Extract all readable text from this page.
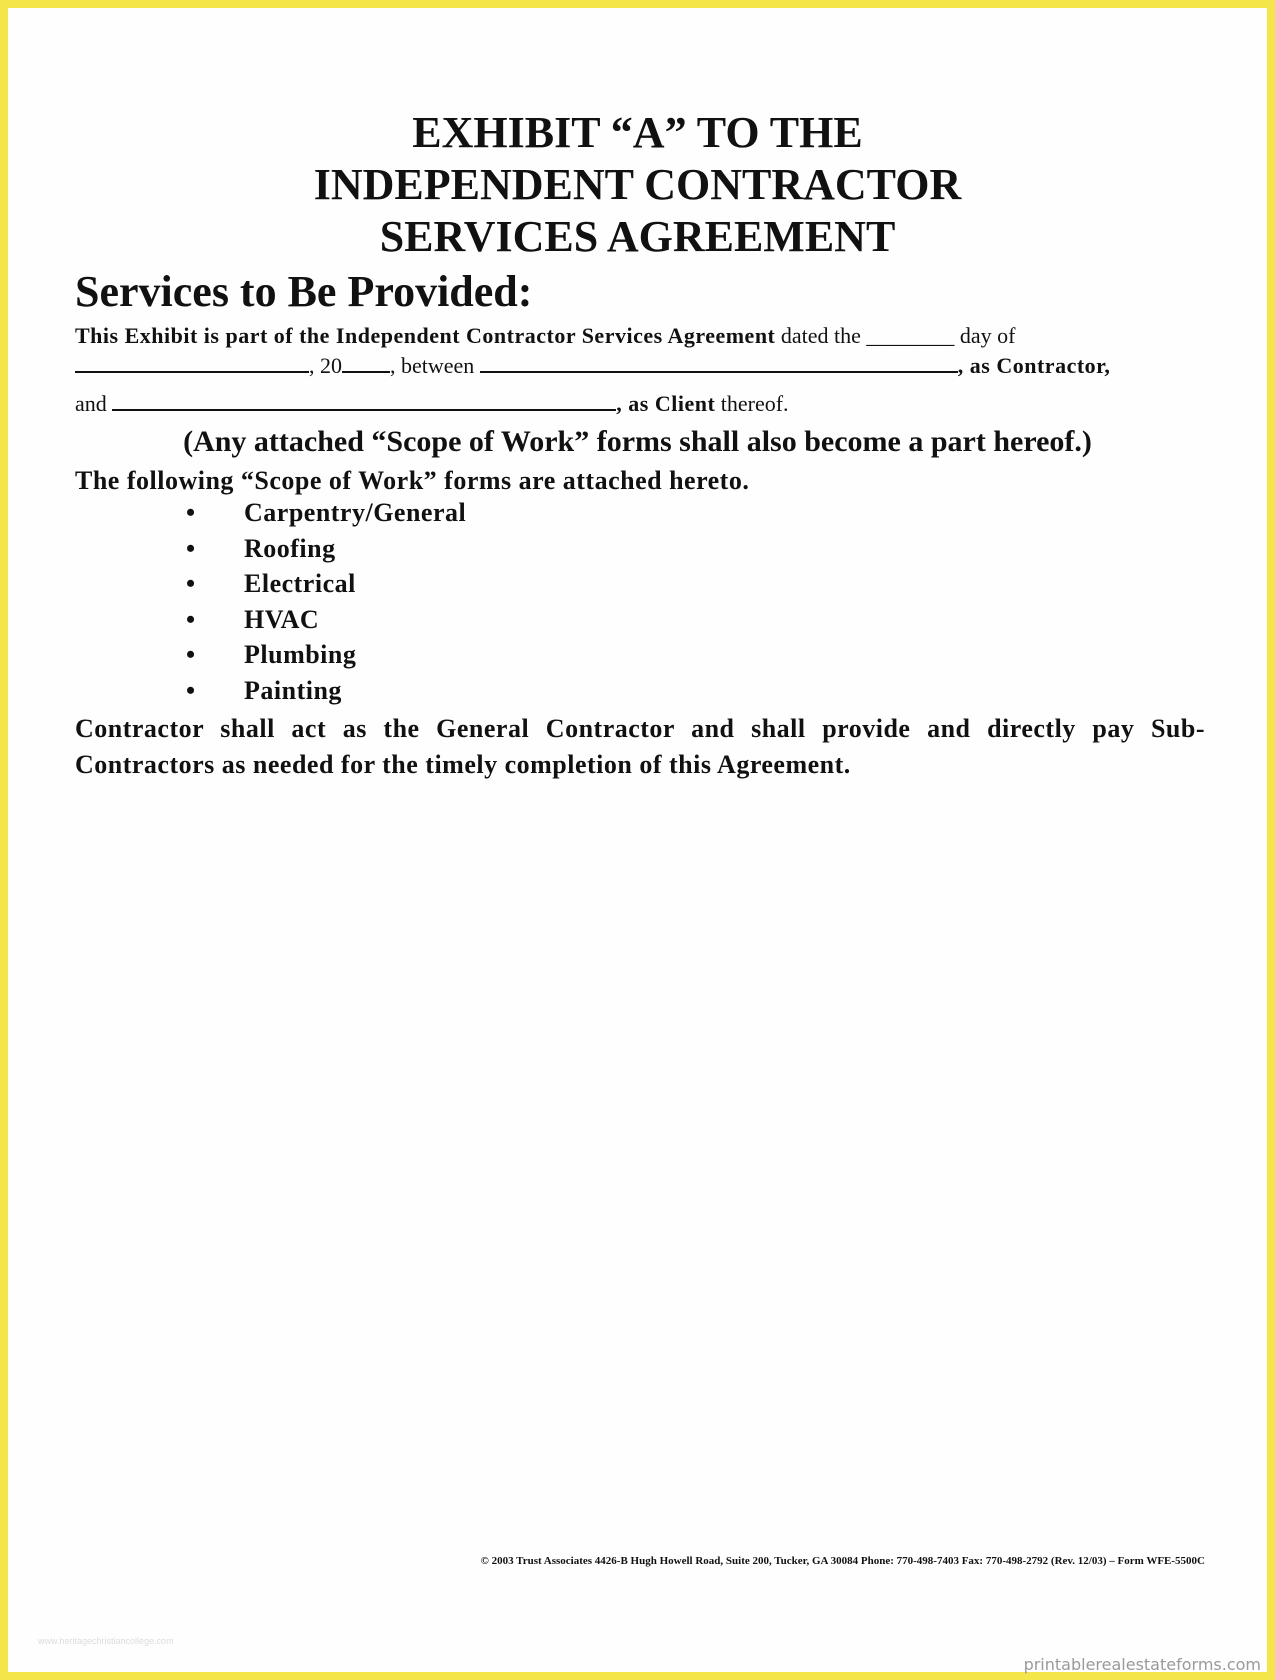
EXHIBIT “A” TO THE
INDEPENDENT CONTRACTOR
SERVICES AGREEMENT
Services to Be Provided:
This Exhibit is part of the Independent Contractor Services Agreement dated the ________ day of
, 20 , between	, as Contractor,

and	, as Client thereof.
(Any attached “Scope of Work” forms shall also become a part hereof.)
The following “Scope of Work” forms are attached hereto.
• Carpentry/General
• Roofing
• Electrical
• HVAC
• Plumbing
• Painting
Contractor shall act as the General Contractor and shall provide and directly pay Sub-Contractors as needed for the timely completion of this Agreement.
© 2003 Trust Associates 4426-B Hugh Howell Road, Suite 200, Tucker, GA 30084 Phone: 770-498-7403 Fax: 770-498-2792 (Rev. 12/03) – Form WFE-5500C
www.heritagechristiancollege.com
printablerealestateforms.com
